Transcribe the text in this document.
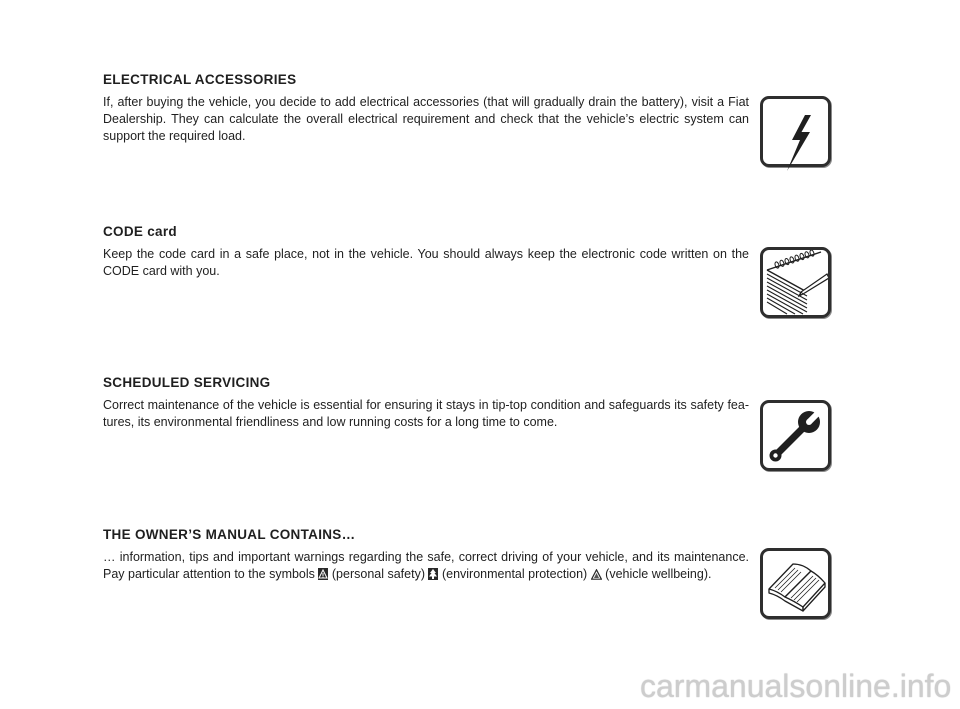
ELECTRICAL ACCESSORIES

If, after buying the vehicle, you decide to add electrical accessories (that will gradually drain the battery), visit a Fiat Dealership. They can calculate the overall electrical requirement and check that the vehicle’s electric system can support the required load.

CODE card

Keep the code card in a safe place, not in the vehicle. You should always keep the electronic code written on the CODE card with you.

SCHEDULED SERVICING

Correct maintenance of the vehicle is essential for ensuring it stays in tip-top condition and safeguards its safety fea-tures, its environmental friendliness and low running costs for a long time to come.

THE OWNER’S MANUAL CONTAINS…

… information, tips and important warnings regarding the safe, correct driving of your vehicle, and its maintenance. Pay particular attention to the symbols (personal safety) (environmental protection) (vehicle wellbeing).

carmanualsonline.info
